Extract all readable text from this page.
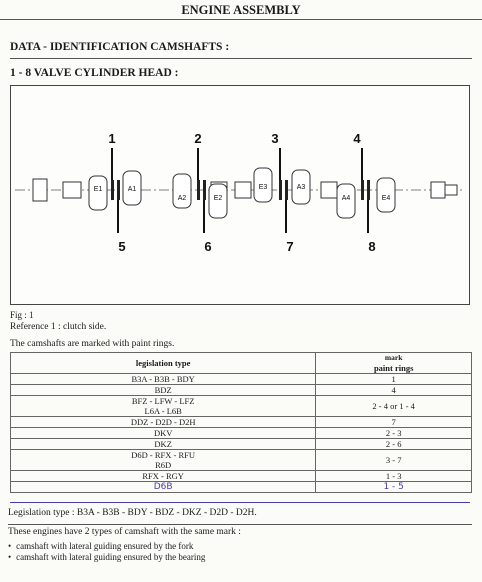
ENGINE ASSEMBLY
DATA - IDENTIFICATION CAMSHAFTS :
1 - 8 VALVE CYLINDER HEAD :
1	2	3	4
5	6	7	8
E1	A1
A2	E2
E3	A3
A4	E4
Fig : 1
Reference 1 : clutch side.
The camshafts are marked with paint rings.
legislation type	mark
paint rings

B3A - B3B - BDY	1
BDZ	4

BFZ - LFW - LFZ
L6A - L6B	2 - 4 or 1 - 4
DDZ - D2D - D2H	7
DKV	2 - 3
DKZ	2 - 6

D6D - RFX - RFU
R6D	3 - 7
RFX - RGY	1 - 3
D6B	1 - 5
Legislation type : B3A - B3B - BDY - BDZ - DKZ - D2D - D2H.
These engines have 2 types of camshaft with the same mark :
• camshaft with lateral guiding ensured by the fork
• camshaft with lateral guiding ensured by the bearing
